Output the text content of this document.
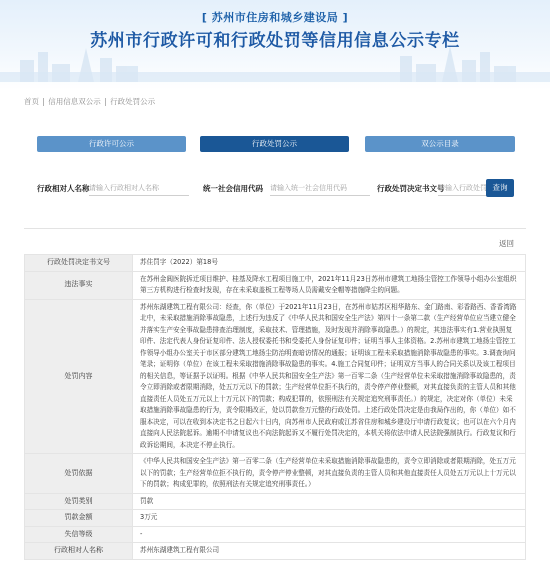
[ 苏州市住房和城乡建设局 ]
苏州市行政许可和行政处罚等信用信息公示专栏
首页 | 信用信息双公示 | 行政处罚公示
行政许可公示	行政处罚公示	双公示目录
行政相对人名称
请输入行政相对人名称	统一社会信用代码
请输入统一社会信用代码	行政处罚决定书文号
请输入行政处罚决定书文号	查询
返回
行政处罚决定书文号	苏住罚字（2022）第18号
违法事实	在苏州金阊医院拆迁项目维护、桂基及降水工程项目施工中，2021年11月23日苏州市建筑工地扬尘管控工作领导小组办公室组织第三方机构进行检查时发现，存在未采取盖板工程等场人员需戴安全帽等措施降尘的问题。
处罚内容	苏州东湖建筑工程有限公司：经查，你（单位）于2021年11月23日，在苏州市姑苏区相华路东、金门路南、彩香路西、香香湾路北中，未采取措施消除事故隐患，上述行为违反了《中华人民共和国安全生产法》第四十一条第二款（生产经营单位应当建立健全并落实生产安全事故隐患排查治理制度，采取技术、管理措施，及时发现并消除事故隐患。）的规定，其违法事实有1.营业执照复印件、法定代表人身份证复印件、法人授权委托书和受委托人身份证复印件；证明当事人主体资格。2.苏州市建筑工地扬尘管控工作领导小组办公室关于市区部分建筑工地扬尘防治明查暗访情况的通报；证明该工程未采取措施消除事故隐患的事实。3.调查询问笔录；证明你（单位）在该工程未采取措施消除事故隐患的事实。4.施工合同复印件；证明双方当事人的合同关系以及该工程项目的相关信息，等证据予以证明。根据《中华人民共和国安全生产法》第一百零二条（生产经营单位未采取措施消除事故隐患的，责令立即消除或者限期消除，处五万元以下的罚款；生产经营单位拒不执行的，责令停产停业整顿，对其直接负责的主管人员和其他直接责任人员处五万元以上十万元以下的罚款；构成犯罪的，依照刑法有关规定追究刑事责任。）的规定，决定对你（单位）未采取措施消除事故隐患的行为，责令限期改正，处以罚款叁万元整的行政处罚。上述行政处罚决定是由我局作出的，你（单位）如不服本决定，可以在收到本决定书之日起六十日内，向苏州市人民政府或江苏省住房和城乡建设厅申请行政复议；也可以在六个月内直接向人民法院起诉。逾期不申请复议也不向法院起诉又不履行处罚决定的，本机关将依法申请人民法院强制执行。行政复议和行政诉讼期间，本决定不停止执行。
处罚依据	《中华人民共和国安全生产法》第一百零二条（生产经营单位未采取措施消除事故隐患的，责令立即消除或者限期消除，处五万元以下的罚款；生产经营单位拒不执行的，责令停产停业整顿，对其直接负责的主管人员和其他直接责任人员处五万元以上十万元以下的罚款；构成犯罪的，依照刑法有关规定追究刑事责任。）
处罚类别	罚款
罚款金额	3万元
失信等级	-
行政相对人名称	苏州东湖建筑工程有限公司
